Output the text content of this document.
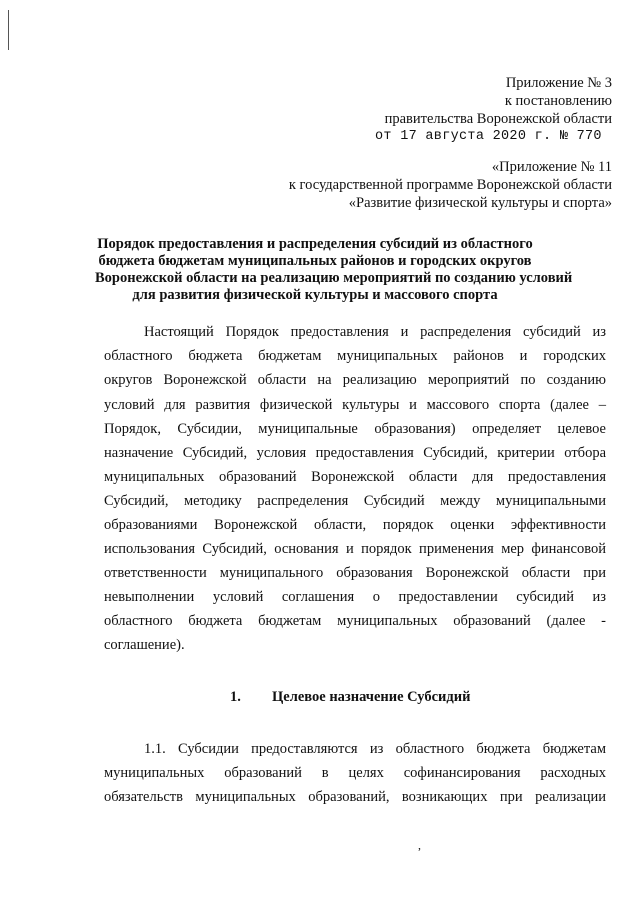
Приложение № 3
к постановлению
правительства Воронежской области
от 17 августа 2020 г. № 770
«Приложение № 11
к государственной программе Воронежской области
«Развитие физической культуры и спорта»
Порядок предоставления и распределения субсидий из областного
бюджета бюджетам муниципальных районов и городских округов
Воронежской области на реализацию мероприятий по созданию условий
для развития физической культуры и массового спорта
Настоящий Порядок предоставления и распределения субсидий из
областного бюджета бюджетам муниципальных районов и городских
округов Воронежской области на реализацию мероприятий по созданию
условий для развития физической культуры и массового спорта (далее –
Порядок, Субсидии, муниципальные образования) определяет целевое
назначение Субсидий, условия предоставления Субсидий, критерии отбора
муниципальных образований Воронежской области для предоставления
Субсидий, методику распределения Субсидий между муниципальными
образованиями Воронежской области, порядок оценки эффективности
использования Субсидий, основания и порядок применения мер финансовой
ответственности муниципального образования Воронежской области при
невыполнении условий соглашения о предоставлении субсидий из
областного бюджета бюджетам муниципальных образований (далее -
соглашение).
1. Целевое назначение Субсидий
1.1. Субсидии предоставляются из областного бюджета бюджетам
муниципальных образований в целях софинансирования расходных
обязательств муниципальных образований, возникающих при реализации
,
